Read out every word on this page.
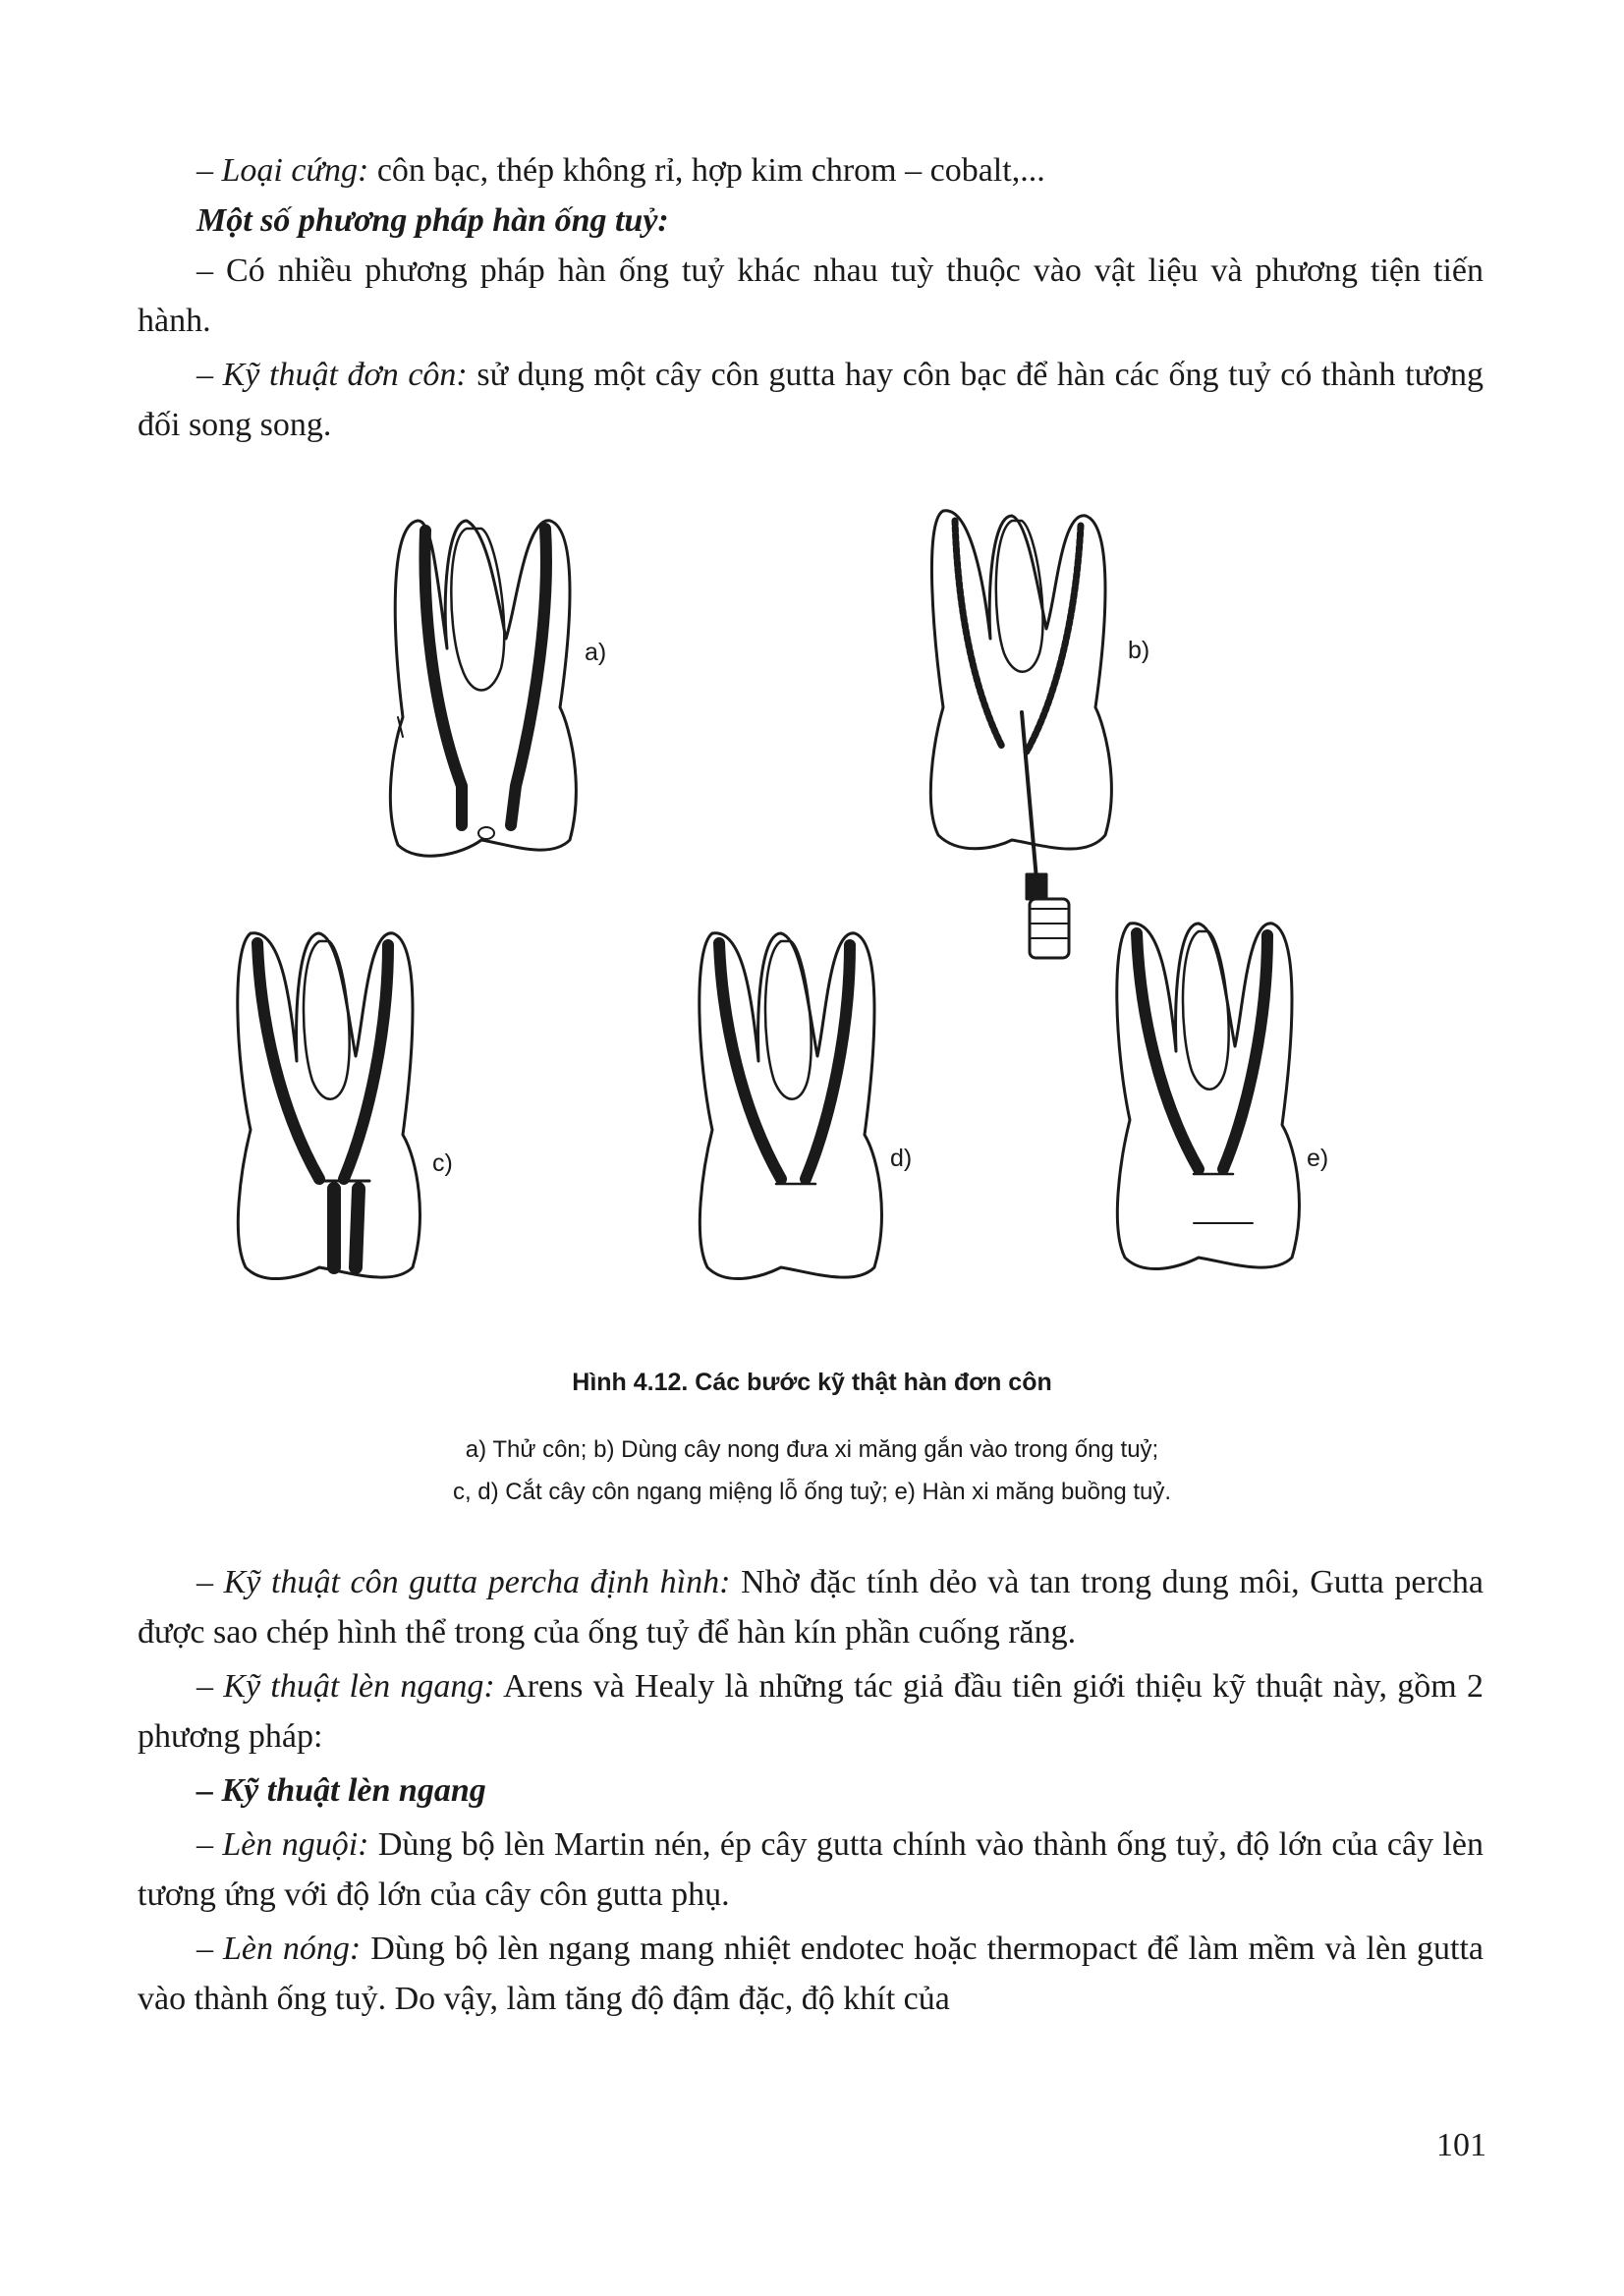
– Loại cứng: côn bạc, thép không rỉ, hợp kim chrom – cobalt,...

Một số phương pháp hàn ống tuỷ:

– Có nhiều phương pháp hàn ống tuỷ khác nhau tuỳ thuộc vào vật liệu và phương tiện tiến hành.

– Kỹ thuật đơn côn: sử dụng một cây côn gutta hay côn bạc để hàn các ống tuỷ có thành tương đối song song.

a)	b)
c)	d)	e)
Hình 4.12. Các bước kỹ thật hàn đơn côn
a) Thử côn; b) Dùng cây nong đưa xi măng gắn vào trong ống tuỷ;
c, d) Cắt cây côn ngang miệng lỗ ống tuỷ; e) Hàn xi măng buồng tuỷ.

– Kỹ thuật côn gutta percha định hình: Nhờ đặc tính dẻo và tan trong dung môi, Gutta percha được sao chép hình thể trong của ống tuỷ để hàn kín phần cuống răng.

– Kỹ thuật lèn ngang: Arens và Healy là những tác giả đầu tiên giới thiệu kỹ thuật này, gồm 2 phương pháp:

– Kỹ thuật lèn ngang

– Lèn nguội: Dùng bộ lèn Martin nén, ép cây gutta chính vào thành ống tuỷ, độ lớn của cây lèn tương ứng với độ lớn của cây côn gutta phụ.

– Lèn nóng: Dùng bộ lèn ngang mang nhiệt endotec hoặc thermopact để làm mềm và lèn gutta vào thành ống tuỷ. Do vậy, làm tăng độ đậm đặc, độ khít của

101
